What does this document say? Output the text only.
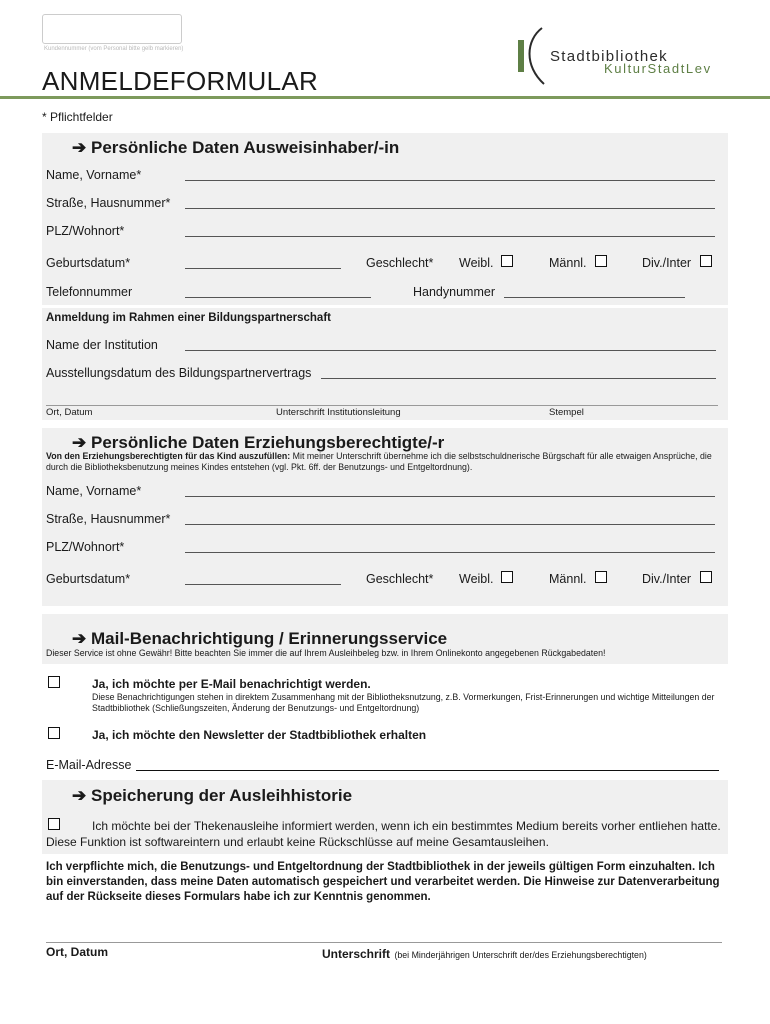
Kundennummer (vom Personal bitte gelb markieren)	Stadtbibliothek
KulturStadtLev
ANMELDEFORMULAR
* Pflichtfelder
➔ Persönliche Daten Ausweisinhaber/-in
Name, Vorname*
Straße, Hausnummer*
PLZ/Wohnort*
Geburtsdatum*	Geschlecht* Weibl.	Männl.	Div./Inter
Telefonnummer	Handynummer
Anmeldung im Rahmen einer Bildungspartnerschaft
Name der Institution
Ausstellungsdatum des Bildungspartnervertrags
Ort, Datum	Unterschrift Institutionsleitung	Stempel
➔ Persönliche Daten Erziehungsberechtigte/-r
Von den Erziehungsberechtigten für das Kind auszufüllen: Mit meiner Unterschrift übernehme ich die selbstschuldnerische Bürgschaft für alle etwaigen Ansprüche, die durch die Bibliotheksbenutzung meines Kindes entstehen (vgl. Pkt. 6ff. der Benutzungs- und Entgeltordnung).
Name, Vorname*
Straße, Hausnummer*
PLZ/Wohnort*
Geburtsdatum*	Geschlecht* Weibl.	Männl.	Div./Inter
➔ Mail-Benachrichtigung / Erinnerungsservice
Dieser Service ist ohne Gewähr! Bitte beachten Sie immer die auf Ihrem Ausleihbeleg bzw. in Ihrem Onlinekonto angegebenen Rückgabedaten!
Ja, ich möchte per E-Mail benachrichtigt werden.
Diese Benachrichtigungen stehen in direktem Zusammenhang mit der Bibliotheksnutzung, z.B. Vormerkungen, Frist-Erinnerungen und wichtige Mitteilungen der Stadtbibliothek (Schließungszeiten, Änderung der Benutzungs- und Entgeltordnung)
Ja, ich möchte den Newsletter der Stadtbibliothek erhalten
E-Mail-Adresse
➔ Speicherung der Ausleihhistorie
Ich möchte bei der Thekenausleihe informiert werden, wenn ich ein bestimmtes Medium bereits vorher entliehen hatte. Diese Funktion ist softwareintern und erlaubt keine Rückschlüsse auf meine Gesamtausleihen.
Ich verpflichte mich, die Benutzungs- und Entgeltordnung der Stadtbibliothek in der jeweils gültigen Form einzuhalten. Ich bin einverstanden, dass meine Daten automatisch gespeichert und verarbeitet werden. Die Hinweise zur Datenverarbeitung auf der Rückseite dieses Formulars habe ich zur Kenntnis genommen.
Ort, Datum	Unterschrift (bei Minderjährigen Unterschrift der/des Erziehungsberechtigten)
